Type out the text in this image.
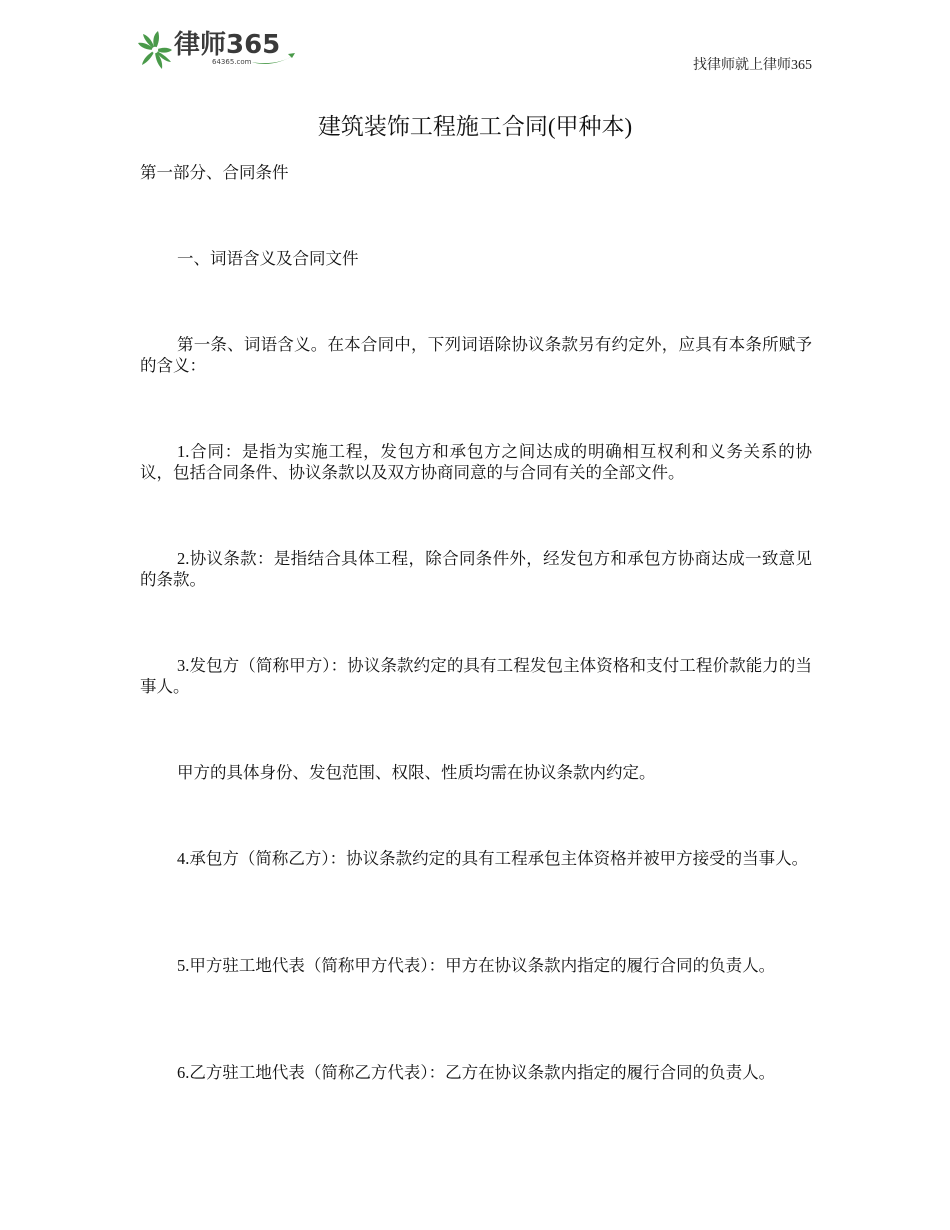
律师365
64365.com	找律师就上律师365
建筑装饰工程施工合同(甲种本)

第一部分、合同条件

一、词语含义及合同文件

第一条、词语含义。在本合同中，下列词语除协议条款另有约定外，应具有本条所赋予的含义：

1.合同：是指为实施工程，发包方和承包方之间达成的明确相互权利和义务关系的协议，包括合同条件、协议条款以及双方协商同意的与合同有关的全部文件。

2.协议条款：是指结合具体工程，除合同条件外，经发包方和承包方协商达成一致意见的条款。

3.发包方（简称甲方）：协议条款约定的具有工程发包主体资格和支付工程价款能力的当事人。

甲方的具体身份、发包范围、权限、性质均需在协议条款内约定。

4.承包方（简称乙方）：协议条款约定的具有工程承包主体资格并被甲方接受的当事人。

5.甲方驻工地代表（简称甲方代表）：甲方在协议条款内指定的履行合同的负责人。

6.乙方驻工地代表（简称乙方代表）：乙方在协议条款内指定的履行合同的负责人。
